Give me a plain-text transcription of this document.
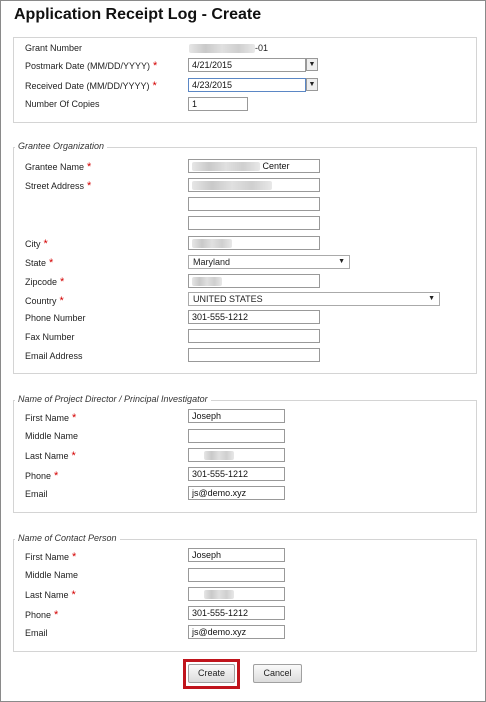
Application Receipt Log - Create
Grant Number	-01
Postmark Date (MM/DD/YYYY) *	4/21/2015	▼
Received Date (MM/DD/YYYY) *	4/23/2015	▼
Number Of Copies	1
Grantee Organization
Grantee Name *	Center
Street Address *
City *
State *	Maryland	▼
Zipcode *
Country *	UNITED STATES	▼
Phone Number	301-555-1212
Fax Number
Email Address
Name of Project Director / Principal Investigator
First Name *	Joseph
Middle Name
Last Name *
Phone *	301-555-1212
Email	js@demo.xyz
Name of Contact Person
First Name *	Joseph
Middle Name
Last Name *
Phone *	301-555-1212
Email	js@demo.xyz
Create	Cancel
